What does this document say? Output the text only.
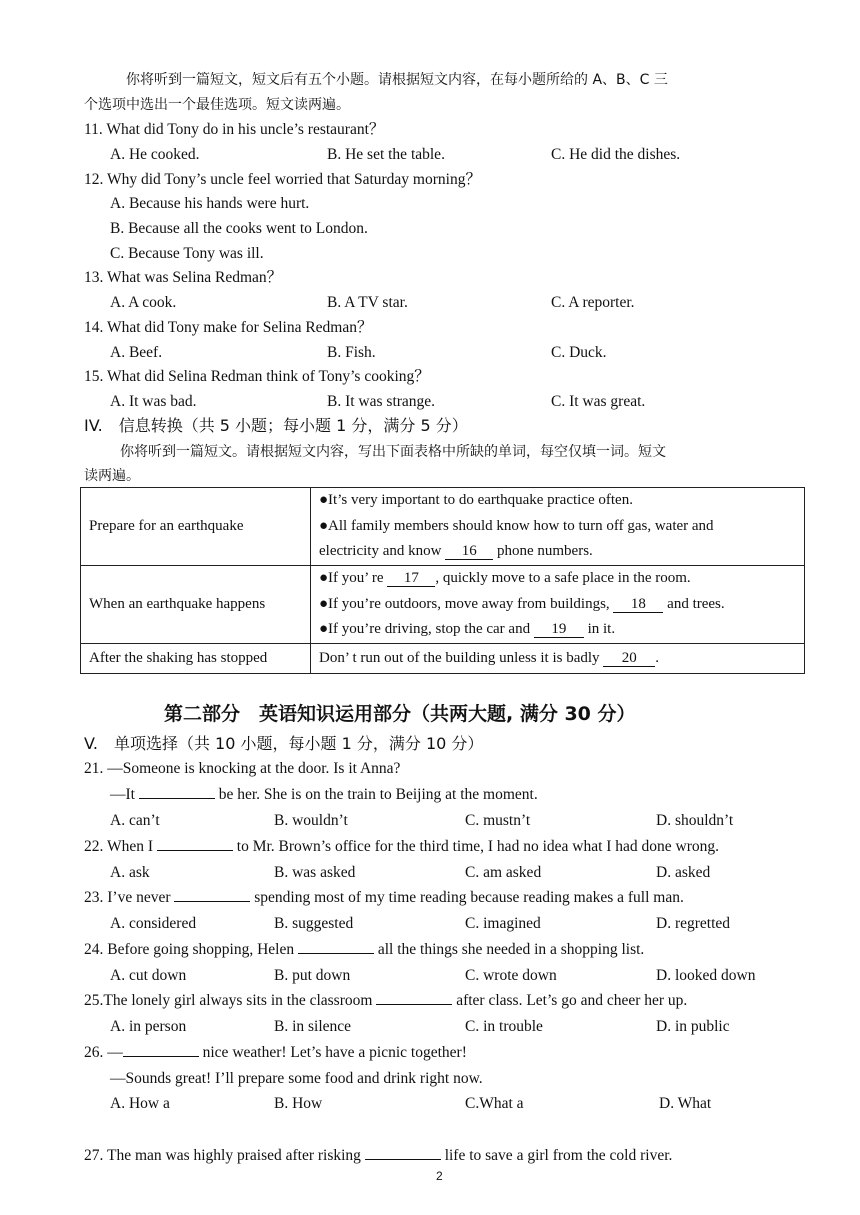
你将听到一篇短文，短文后有五个小题。请根据短文内容，在每小题所给的 A、B、C 三
个选项中选出一个最佳选项。短文读两遍。
11. What did Tony do in his uncle’s restaurant？
A. He cooked.	B. He set the table.	C. He did the dishes.
12. Why did Tony’s uncle feel worried that Saturday morning？
A. Because his hands were hurt.
B. Because all the cooks went to London.
C. Because Tony was ill.
13. What was Selina Redman？
A. A cook.	B. A TV star.	C. A reporter.
14. What did Tony make for Selina Redman？
A. Beef.	B. Fish.	C. Duck.
15. What did Selina Redman think of Tony’s cooking？
A. It was bad.	B. It was strange.	C. It was great.
IV.　信息转换（共 5 小题；每小题 1 分，满分 5 分）
你将听到一篇短文。请根据短文内容，写出下面表格中所缺的单词，每空仅填一词。短文
读两遍。
Prepare for an earthquake	●It’s very important to do earthquake practice often.
●All family members should know how to turn off gas, water and
electricity and know 16 phone numbers.

When an earthquake happens	●If you’ re 17 , quickly move to a safe place in the room.
●If you’re outdoors, move away from buildings, 18 and trees.
●If you’re driving, stop the car and 19 in it.

After the shaking has stopped	Don’ t run out of the building unless it is badly 20 .
第二部分　英语知识运用部分（共两大题, 满分 30 分）
V.　单项选择（共 10 小题，每小题 1 分，满分 10 分）
21. —Someone is knocking at the door. Is it Anna?
—It	be her. She is on the train to Beijing at the moment.
A. can’t	B. wouldn’t	C. mustn’t	D. shouldn’t
22. When I	to Mr. Brown’s office for the third time, I had no idea what I had done wrong.
A. ask	B. was asked	C. am asked	D. asked
23. I’ve never	spending most of my time reading because reading makes a full man.
A. considered	B. suggested	C. imagined	D. regretted
24. Before going shopping, Helen	all the things she needed in a shopping list.
A. cut down	B. put down	C. wrote down	D. looked down
25.The lonely girl always sits in the classroom	after class. Let’s go and cheer her up.
A. in person	B. in silence	C. in trouble	D. in public
26. —	nice weather! Let’s have a picnic together!
—Sounds great! I’ll prepare some food and drink right now.
A. How a	B. How	C.What a	D. What
27. The man was highly praised after risking	life to save a girl from the cold river.
2
